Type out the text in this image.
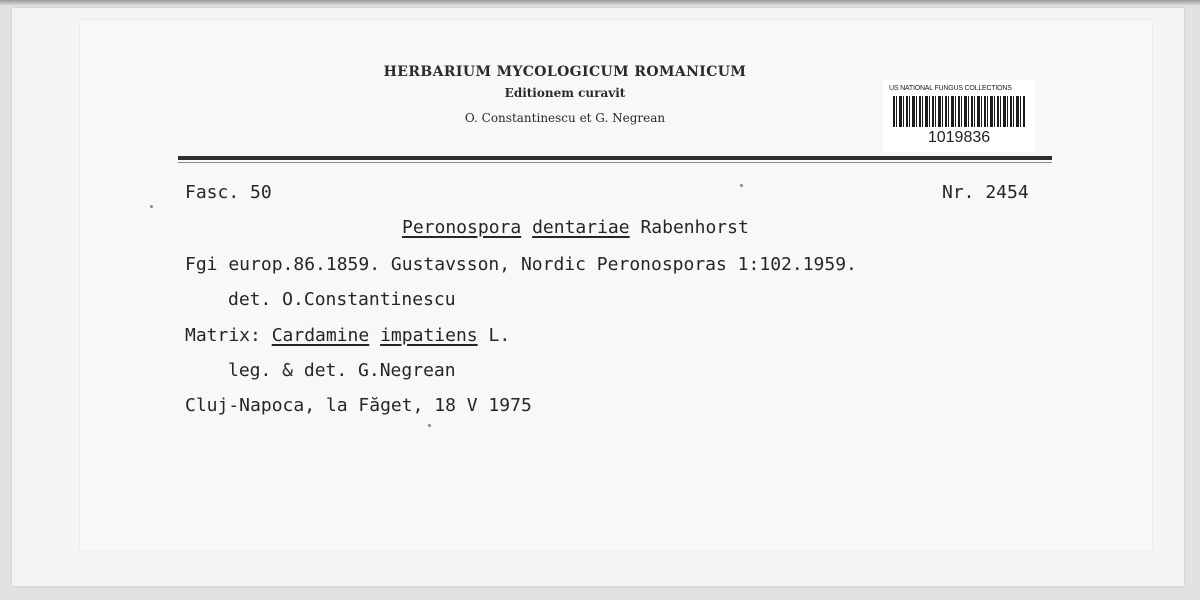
HERBARIUM MYCOLOGICUM ROMANICUM
Editionem curavit
O. Constantinescu et G. Negrean
US NATIONAL FUNGUS COLLECTIONS
1019836
Fasc. 50	Nr. 2454
Peronospora dentariae Rabenhorst
Fgi europ.86.1859. Gustavsson, Nordic Peronosporas 1:102.1959.
det. O.Constantinescu
Matrix: Cardamine impatiens L.
leg. & det. G.Negrean
Cluj-Napoca, la Făget, 18 V 1975
